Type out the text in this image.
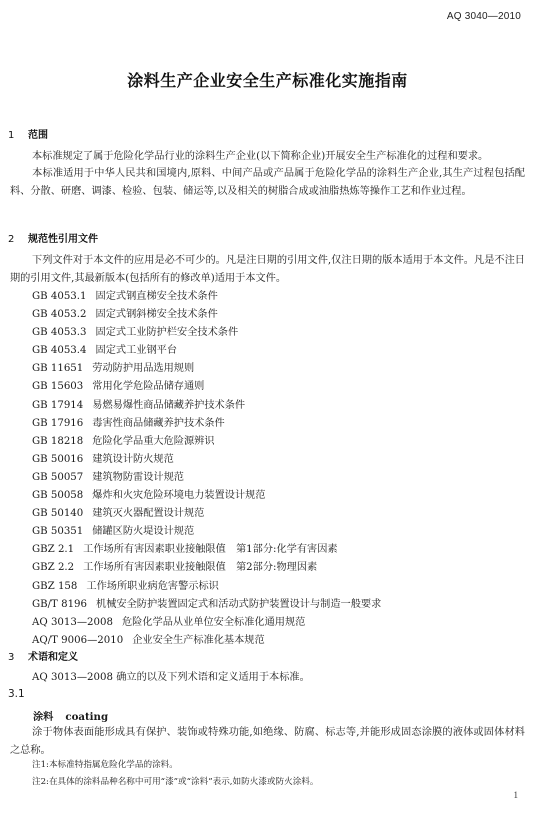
AQ 3040—2010
涂料生产企业安全生产标准化实施指南
1 范围
本标准规定了属于危险化学品行业的涂料生产企业(以下简称企业)开展安全生产标准化的过程和要求。
本标准适用于中华人民共和国境内,原料、中间产品或产品属于危险化学品的涂料生产企业,其生产过程包括配料、分散、研磨、调漆、检验、包装、储运等,以及相关的树脂合成或油脂热炼等操作工艺和作业过程。
2 规范性引用文件
下列文件对于本文件的应用是必不可少的。凡是注日期的引用文件,仅注日期的版本适用于本文件。凡是不注日期的引用文件,其最新版本(包括所有的修改单)适用于本文件。
GB 4053.1 固定式钢直梯安全技术条件
GB 4053.2 固定式钢斜梯安全技术条件
GB 4053.3 固定式工业防护栏安全技术条件
GB 4053.4 固定式工业钢平台
GB 11651 劳动防护用品选用规则
GB 15603 常用化学危险品储存通则
GB 17914 易燃易爆性商品储藏养护技术条件
GB 17916 毒害性商品储藏养护技术条件
GB 18218 危险化学品重大危险源辨识
GB 50016 建筑设计防火规范
GB 50057 建筑物防雷设计规范
GB 50058 爆炸和火灾危险环境电力装置设计规范
GB 50140 建筑灭火器配置设计规范
GB 50351 储罐区防火堤设计规范
GBZ 2.1 工作场所有害因素职业接触限值　第1部分:化学有害因素
GBZ 2.2 工作场所有害因素职业接触限值　第2部分:物理因素
GBZ 158 工作场所职业病危害警示标识
GB/T 8196 机械安全防护装置固定式和活动式防护装置设计与制造一般要求
AQ 3013—2008 危险化学品从业单位安全标准化通用规范
AQ/T 9006—2010 企业安全生产标准化基本规范
3 术语和定义
AQ 3013—2008 确立的以及下列术语和定义适用于本标准。
3.1
涂料 coating
涂于物体表面能形成具有保护、装饰或特殊功能,如绝缘、防腐、标志等,并能形成固态涂膜的液体或固体材料之总称。
注1:本标准特指属危险化学品的涂料。
注2:在具体的涂料品种名称中可用“漆”或“涂料”表示,如防火漆或防火涂料。
1
